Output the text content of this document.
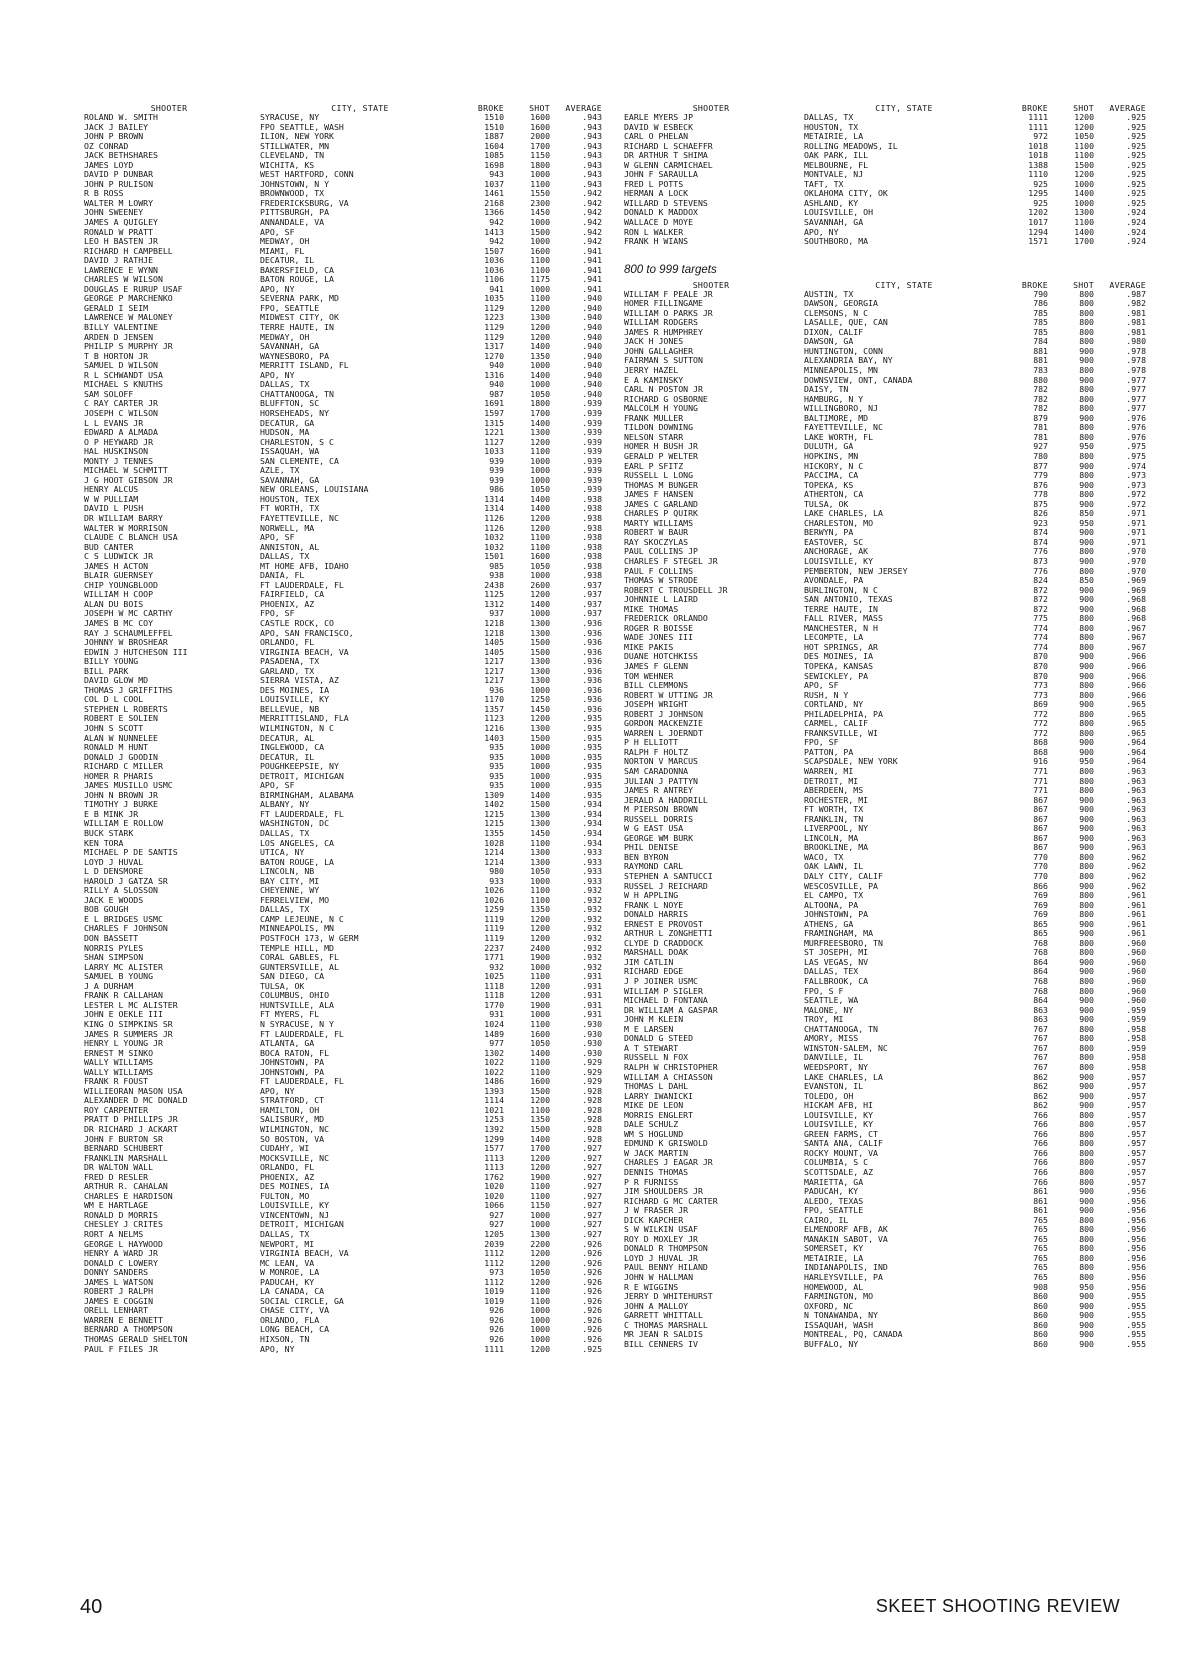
SHOOTER	CITY, STATE	BROKE	SHOT	AVERAGE
ROLAND W. SMITH	SYRACUSE, NY	1510	1600	.943
JACK J BAILEY	FPO SEATTLE, WASH	1510	1600	.943
JOHN P BROWN	ILION, NEW YORK	1887	2000	.943
OZ CONRAD	STILLWATER, MN	1604	1700	.943
JACK BETHSHARES	CLEVELAND, TN	1085	1150	.943
JAMES LOYD	WICHITA, KS	1698	1800	.943
DAVID P DUNBAR	WEST HARTFORD, CONN	943	1000	.943
JOHN P RULISON	JOHNSTOWN, N Y	1037	1100	.943
R B ROSS	BROWNWOOD, TX	1461	1550	.942
WALTER M LOWRY	FREDERICKSBURG, VA	2168	2300	.942
JOHN SWEENEY	PITTSBURGH, PA	1366	1450	.942
JAMES A QUIGLEY	ANNANDALE, VA	942	1000	.942
RONALD W PRATT	APO, SF	1413	1500	.942
LEO H BASTEN JR	MEDWAY, OH	942	1000	.942
RICHARD H CAMPBELL	MIAMI, FL	1507	1600	.941
DAVID J RATHJE	DECATUR, IL	1036	1100	.941
LAWRENCE E WYNN	BAKERSFIELD, CA	1036	1100	.941
CHARLES W WILSON	BATON ROUGE, LA	1106	1175	.941
DOUGLAS E RURUP USAF	APO, NY	941	1000	.941
GEORGE P MARCHENKO	SEVERNA PARK, MD	1035	1100	.940
GERALD I SEIM	FPO, SEATTLE	1129	1200	.940
LAWRENCE W MALONEY	MIDWEST CITY, OK	1223	1300	.940
BILLY VALENTINE	TERRE HAUTE, IN	1129	1200	.940
ARDEN D JENSEN	MEDWAY, OH	1129	1200	.940
PHILIP S MURPHY JR	SAVANNAH, GA	1317	1400	.940
T B HORTON JR	WAYNESBORO, PA	1270	1350	.940
SAMUEL D WILSON	MERRITT ISLAND, FL	940	1000	.940
R L SCHWANDT USA	APO, NY	1316	1400	.940
MICHAEL S KNUTHS	DALLAS, TX	940	1000	.940
SAM SOLOFF	CHATTANOOGA, TN	987	1050	.940
C RAY CARTER JR	BLUFFTON, SC	1691	1800	.939
JOSEPH C WILSON	HORSEHEADS, NY	1597	1700	.939
L L EVANS JR	DECATUR, GA	1315	1400	.939
EDWARD A ALMADA	HUDSON, MA	1221	1300	.939
O P HEYWARD JR	CHARLESTON, S C	1127	1200	.939
HAL HUSKINSON	ISSAQUAH, WA	1033	1100	.939
MONTY J TENNES	SAN CLEMENTE, CA	939	1000	.939
MICHAEL W SCHMITT	AZLE, TX	939	1000	.939
J G HOOT GIBSON JR	SAVANNAH, GA	939	1000	.939
HENRY ALCUS	NEW ORLEANS, LOUISIANA	986	1050	.939
W W PULLIAM	HOUSTON, TEX	1314	1400	.938
DAVID L PUSH	FT WORTH, TX	1314	1400	.938
DR WILLIAM BARRY	FAYETTEVILLE, NC	1126	1200	.938
WALTER W MORRISON	NORWELL, MA	1126	1200	.938
CLAUDE C BLANCH USA	APO, SF	1032	1100	.938
BUD CANTER	ANNISTON, AL	1032	1100	.938
C S LUDWICK JR	DALLAS, TX	1501	1600	.938
JAMES H ACTON	MT HOME AFB, IDAHO	985	1050	.938
BLAIR GUERNSEY	DANIA, FL	938	1000	.938
CHIP YOUNGBLOOD	FT LAUDERDALE, FL	2438	2600	.937
WILLIAM H COOP	FAIRFIELD, CA	1125	1200	.937
ALAN DU BOIS	PHOENIX, AZ	1312	1400	.937
JOSEPH W MC CARTHY	FPO, SF	937	1000	.937
JAMES B MC COY	CASTLE ROCK, CO	1218	1300	.936
RAY J SCHAUMLEFFEL	APO, SAN FRANCISCO,	1218	1300	.936
JOHNNY W BROSHEAR	ORLANDO, FL	1405	1500	.936
EDWIN J HUTCHESON III	VIRGINIA BEACH, VA	1405	1500	.936
BILLY YOUNG	PASADENA, TX	1217	1300	.936
BILL PARK	GARLAND, TX	1217	1300	.936
DAVID GLOW MD	SIERRA VISTA, AZ	1217	1300	.936
THOMAS J GRIFFITHS	DES MOINES, IA	936	1000	.936
COL D L COOL	LOUISVILLE, KY	1170	1250	.936
STEPHEN L ROBERTS	BELLEVUE, NB	1357	1450	.936
ROBERT E SOLIEN	MERRITTISLAND, FLA	1123	1200	.935
JOHN S SCOTT	WILMINGTON, N C	1216	1300	.935
ALAN W NUNNELEE	DECATUR, AL	1403	1500	.935
RONALD M HUNT	INGLEWOOD, CA	935	1000	.935
DONALD J GOODIN	DECATUR, IL	935	1000	.935
RICHARD C MILLER	POUGHKEEPSIE, NY	935	1000	.935
HOMER R PHARIS	DETROIT, MICHIGAN	935	1000	.935
JAMES MUSILLO USMC	APO, SF	935	1000	.935
JOHN N BROWN JR	BIRMINGHAM, ALABAMA	1309	1400	.935
TIMOTHY J BURKE	ALBANY, NY	1402	1500	.934
E B MINK JR	FT LAUDERDALE, FL	1215	1300	.934
WILLIAM E ROLLOW	WASHINGTON, DC	1215	1300	.934
BUCK STARK	DALLAS, TX	1355	1450	.934
KEN TORA	LOS ANGELES, CA	1028	1100	.934
MICHAEL P DE SANTIS	UTICA, NY	1214	1300	.933
LOYD J HUVAL	BATON ROUGE, LA	1214	1300	.933
L D DENSMORE	LINCOLN, NB	980	1050	.933
HAROLD J GATZA SR	BAY CITY, MI	933	1000	.933
RILLY A SLOSSON	CHEYENNE, WY	1026	1100	.932
JACK E WOODS	FERRELVIEW, MO	1026	1100	.932
BOB GOUGH	DALLAS, TX	1259	1350	.932
E L BRIDGES USMC	CAMP LEJEUNE, N C	1119	1200	.932
CHARLES F JOHNSON	MINNEAPOLIS, MN	1119	1200	.932
DON BASSETT	POSTFOCH 173, W GERM	1119	1200	.932
NORRIS PYLES	TEMPLE HILL, MD	2237	2400	.932
SHAN SIMPSON	CORAL GABLES, FL	1771	1900	.932
LARRY MC ALISTER	GUNTERSVILLE, AL	932	1000	.932
SAMUEL B YOUNG	SAN DIEGO, CA	1025	1100	.931
J A DURHAM	TULSA, OK	1118	1200	.931
FRANK R CALLAHAN	COLUMBUS, OHIO	1118	1200	.931
LESTER L MC ALISTER	HUNTSVILLE, ALA	1770	1900	.931
JOHN E OEKLE III	FT MYERS, FL	931	1000	.931
KING O SIMPKINS SR	N SYRACUSE, N Y	1024	1100	.930
JAMES R SUMMERS JR	FT LAUDERDALE, FL	1489	1600	.930
HENRY L YOUNG JR	ATLANTA, GA	977	1050	.930
ERNEST M SINKO	BOCA RATON, FL	1302	1400	.930
WALLY WILLIAMS	JOHNSTOWN, PA	1022	1100	.929
WALLY WILLIAMS	JOHNSTOWN, PA	1022	1100	.929
FRANK R FOUST	FT LAUDERDALE, FL	1486	1600	.929
WILLIEORAN MASON USA	APO, NY	1393	1500	.928
ALEXANDER D MC DONALD	STRATFORD, CT	1114	1200	.928
ROY CARPENTER	HAMILTON, OH	1021	1100	.928
PRATT D PHILLIPS JR	SALISBURY, MD	1253	1350	.928
DR RICHARD J ACKART	WILMINGTON, NC	1392	1500	.928
JOHN F BURTON SR	SO BOSTON, VA	1299	1400	.928
BERNARD SCHUBERT	CUDAHY, WI	1577	1700	.927
FRANKLIN MARSHALL	MOCKSVILLE, NC	1113	1200	.927
DR WALTON WALL	ORLANDO, FL	1113	1200	.927
FRED D RESLER	PHOENIX, AZ	1762	1900	.927
ARTHUR R. CAHALAN	DES MOINES, IA	1020	1100	.927
CHARLES E HARDISON	FULTON, MO	1020	1100	.927
WM E HARTLAGE	LOUISVILLE, KY	1066	1150	.927
RONALD D MORRIS	VINCENTOWN, NJ	927	1000	.927
CHESLEY J CRITES	DETROIT, MICHIGAN	927	1000	.927
RORT A NELMS	DALLAS, TX	1205	1300	.927
GEORGE L HAYWOOD	NEWPORT, MI	2039	2200	.926
HENRY A WARD JR	VIRGINIA BEACH, VA	1112	1200	.926
DONALD C LOWERY	MC LEAN, VA	1112	1200	.926
DONNY SANDERS	W MONROE, LA	973	1050	.926
JAMES L WATSON	PADUCAH, KY	1112	1200	.926
ROBERT J RALPH	LA CANADA, CA	1019	1100	.926
JAMES E COGGIN	SOCIAL CIRCLE, GA	1019	1100	.926
ORELL LENHART	CHASE CITY, VA	926	1000	.926
WARREN E BENNETT	ORLANDO, FLA	926	1000	.926
BERNARD A THOMPSON	LONG BEACH, CA	926	1000	.926
THOMAS GERALD SHELTON	HIXSON, TN	926	1000	.926
PAUL F FILES JR	APO, NY	1111	1200	.925
SHOOTER	CITY, STATE	BROKE	SHOT	AVERAGE
EARLE MYERS JP	DALLAS, TX	1111	1200	.925
DAVID W ESBECK	HOUSTON, TX	1111	1200	.925
CARL O PHELAN	METAIRIE, LA	972	1050	.925
RICHARD L SCHAEFFR	ROLLING MEADOWS, IL	1018	1100	.925
DR ARTHUR T SHIMA	OAK PARK, ILL	1018	1100	.925
W GLENN CARMICHAEL	MELBOURNE, FL	1388	1500	.925
JOHN F SARAULLA	MONTVALE, NJ	1110	1200	.925
FRED L POTTS	TAFT, TX	925	1000	.925
HERMAN A LOCK	OKLAHOMA CITY, OK	1295	1400	.925
WILLARD D STEVENS	ASHLAND, KY	925	1000	.925
DONALD K MADDOX	LOUISVILLE, OH	1202	1300	.924
WALLACE D MOYE	SAVANNAH, GA	1017	1100	.924
RON L WALKER	APO, NY	1294	1400	.924
FRANK H WIANS	SOUTHBORO, MA	1571	1700	.924
800 to 999 targets
SHOOTER	CITY, STATE	BROKE	SHOT	AVERAGE
WILLIAM F PEALE JR	AUSTIN, TX	790	800	.987
HOMER FILLINGAME	DAWSON, GEORGIA	786	800	.982
WILLIAM O PARKS JR	CLEMSONS, N C	785	800	.981
WILLIAM RODGERS	LASALLE, QUE, CAN	785	800	.981
JAMES R HUMPHREY	DIXON, CALIF	785	800	.981
JACK H JONES	DAWSON, GA	784	800	.980
JOHN GALLAGHER	HUNTINGTON, CONN	881	900	.978
FAIRMAN S SUTTON	ALEXANDRIA BAY, NY	881	900	.978
JERRY HAZEL	MINNEAPOLIS, MN	783	800	.978
E A KAMINSKY	DOWNSVIEW, ONT, CANADA	880	900	.977
CARL N POSTON JR	DAISY, TN	782	800	.977
RICHARD G OSBORNE	HAMBURG, N Y	782	800	.977
MALCOLM H YOUNG	WILLINGBORO, NJ	782	800	.977
FRANK MULLER	BALTIMORE, MD	879	900	.976
TILDON DOWNING	FAYETTEVILLE, NC	781	800	.976
NELSON STARR	LAKE WORTH, FL	781	800	.976
HOMER H BUSH JR	DULUTH, GA	927	950	.975
GERALD P WELTER	HOPKINS, MN	780	800	.975
EARL P SFITZ	HICKORY, N C	877	900	.974
RUSSELL L LONG	PACCIMA, CA	779	800	.973
THOMAS M BUNGER	TOPEKA, KS	876	900	.973
JAMES F HANSEN	ATHERTON, CA	778	800	.972
JAMES C GARLAND	TULSA, OK	875	900	.972
CHARLES P QUIRK	LAKE CHARLES, LA	826	850	.971
MARTY WILLIAMS	CHARLESTON, MO	923	950	.971
ROBERT W BAUR	BERWYN, PA	874	900	.971
RAY SKOCZYLAS	EASTOVER, SC	874	900	.971
PAUL COLLINS JP	ANCHORAGE, AK	776	800	.970
CHARLES F STEGEL JR	LOUISVILLE, KY	873	900	.970
PAUL F COLLINS	PEMBERTON, NEW JERSEY	776	800	.970
THOMAS W STRODE	AVONDALE, PA	824	850	.969
ROBERT C TROUSDELL JR	BURLINGTON, N C	872	900	.969
JOHNNIE L LAIRD	SAN ANTONIO, TEXAS	872	900	.968
MIKE THOMAS	TERRE HAUTE, IN	872	900	.968
FREDERICK ORLANDO	FALL RIVER, MASS	775	800	.968
ROGER R BOISSE	MANCHESTER, N H	774	800	.967
WADE JONES III	LECOMPTE, LA	774	800	.967
MIKE PAKIS	HOT SPRINGS, AR	774	800	.967
DUANE HOTCHKISS	DES MOINES, IA	870	900	.966
JAMES F GLENN	TOPEKA, KANSAS	870	900	.966
TOM WEHNER	SEWICKLEY, PA	870	900	.966
BILL CLEMMONS	APO, SF	773	800	.966
ROBERT W UTTING JR	RUSH, N Y	773	800	.966
JOSEPH WRIGHT	CORTLAND, NY	869	900	.965
ROBERT J JOHNSON	PHILADELPHIA, PA	772	800	.965
GORDON MACKENZIE	CARMEL, CALIF	772	800	.965
WARREN L JOERNDT	FRANKSVILLE, WI	772	800	.965
P H ELLIOTT	FPO, SF	868	900	.964
RALPH F HOLTZ	PATTON, PA	868	900	.964
NORTON V MARCUS	SCAPSDALE, NEW YORK	916	950	.964
SAM CARADONNA	WARREN, MI	771	800	.963
JULIAN J PATTYN	DETROIT, MI	771	800	.963
JAMES R ANTREY	ABERDEEN, MS	771	800	.963
JERALD A HADDRILL	ROCHESTER, MI	867	900	.963
M PIERSON BROWN	FT WORTH, TX	867	900	.963
RUSSELL DORRIS	FRANKLIN, TN	867	900	.963
W G EAST USA	LIVERPOOL, NY	867	900	.963
GEORGE WM BURK	LINCOLN, MA	867	900	.963
PHIL DENISE	BROOKLINE, MA	867	900	.963
BEN BYRON	WACO, TX	770	800	.962
RAYMOND CARL	OAK LAWN, IL	770	800	.962
STEPHEN A SANTUCCI	DALY CITY, CALIF	770	800	.962
RUSSEL J REICHARD	WESCOSVILLE, PA	866	900	.962
W H APPLING	EL CAMPO, TX	769	800	.961
FRANK L NOYE	ALTOONA, PA	769	800	.961
DONALD HARRIS	JOHNSTOWN, PA	769	800	.961
ERNEST E PROVOST	ATHENS, GA	865	900	.961
ARTHUR L ZONGHETTI	FRAMINGHAM, MA	865	900	.961
CLYDE D CRADDOCK	MURFREESBORO, TN	768	800	.960
MARSHALL DOAK	ST JOSEPH, MI	768	800	.960
JIM CATLIN	LAS VEGAS, NV	864	900	.960
RICHARD EDGE	DALLAS, TEX	864	900	.960
J P JOINER USMC	FALLBROOK, CA	768	800	.960
WILLIAM P SIGLER	FPO, S F	768	800	.960
MICHAEL D FONTANA	SEATTLE, WA	864	900	.960
DR WILLIAM A GASPAR	MALONE, NY	863	900	.959
JOHN M KLEIN	TROY, MI	863	900	.959
M E LARSEN	CHATTANOOGA, TN	767	800	.958
DONALD G STEED	AMORY, MISS	767	800	.958
A T STEWART	WINSTON-SALEM, NC	767	800	.959
RUSSELL N FOX	DANVILLE, IL	767	800	.958
RALPH W CHRISTOPHER	WEEDSPORT, NY	767	800	.958
WILLIAM A CHIASSON	LAKE CHARLES, LA	862	900	.957
THOMAS L DAHL	EVANSTON, IL	862	900	.957
LARRY IWANICKI	TOLEDO, OH	862	900	.957
MIKE DE LEON	HICKAM AFB, HI	862	900	.957
MORRIS ENGLERT	LOUISVILLE, KY	766	800	.957
DALE SCHULZ	LOUISVILLE, KY	766	800	.957
WM S HOGLUND	GREEN FARMS, CT	766	800	.957
EDMUND K GRISWOLD	SANTA ANA, CALIF	766	800	.957
W JACK MARTIN	ROCKY MOUNT, VA	766	800	.957
CHARLES J EAGAR JR	COLUMBIA, S C	766	800	.957
DENNIS THOMAS	SCOTTSDALE, AZ	766	800	.957
P R FURNISS	MARIETTA, GA	766	800	.957
JIM SHOULDERS JR	PADUCAH, KY	861	900	.956
RICHARD G MC CARTER	ALEDO, TEXAS	861	900	.956
J W FRASER JR	FPO, SEATTLE	861	900	.956
DICK KAPCHER	CAIRO, IL	765	800	.956
S W WILKIN USAF	ELMENDORF AFB, AK	765	800	.956
ROY D MOXLEY JR	MANAKIN SABOT, VA	765	800	.956
DONALD R THOMPSON	SOMERSET, KY	765	800	.956
LOYD J HUVAL JR	METAIRIE, LA	765	800	.956
PAUL BENNY HILAND	INDIANAPOLIS, IND	765	800	.956
JOHN W HALLMAN	HARLEYSVILLE, PA	765	800	.956
R E WIGGINS	HOMEWOOD, AL	908	950	.956
JERRY D WHITEHURST	FARMINGTON, MO	860	900	.955
JOHN A MALLOY	OXFORD, NC	860	900	.955
GARRETT WHITTALL	N TONAWANDA, NY	860	900	.955
C THOMAS MARSHALL	ISSAQUAH, WASH	860	900	.955
MR JEAN R SALDIS	MONTREAL, PQ, CANADA	860	900	.955
BILL CENNERS IV	BUFFALO, NY	860	900	.955
40	SKEET SHOOTING REVIEW
